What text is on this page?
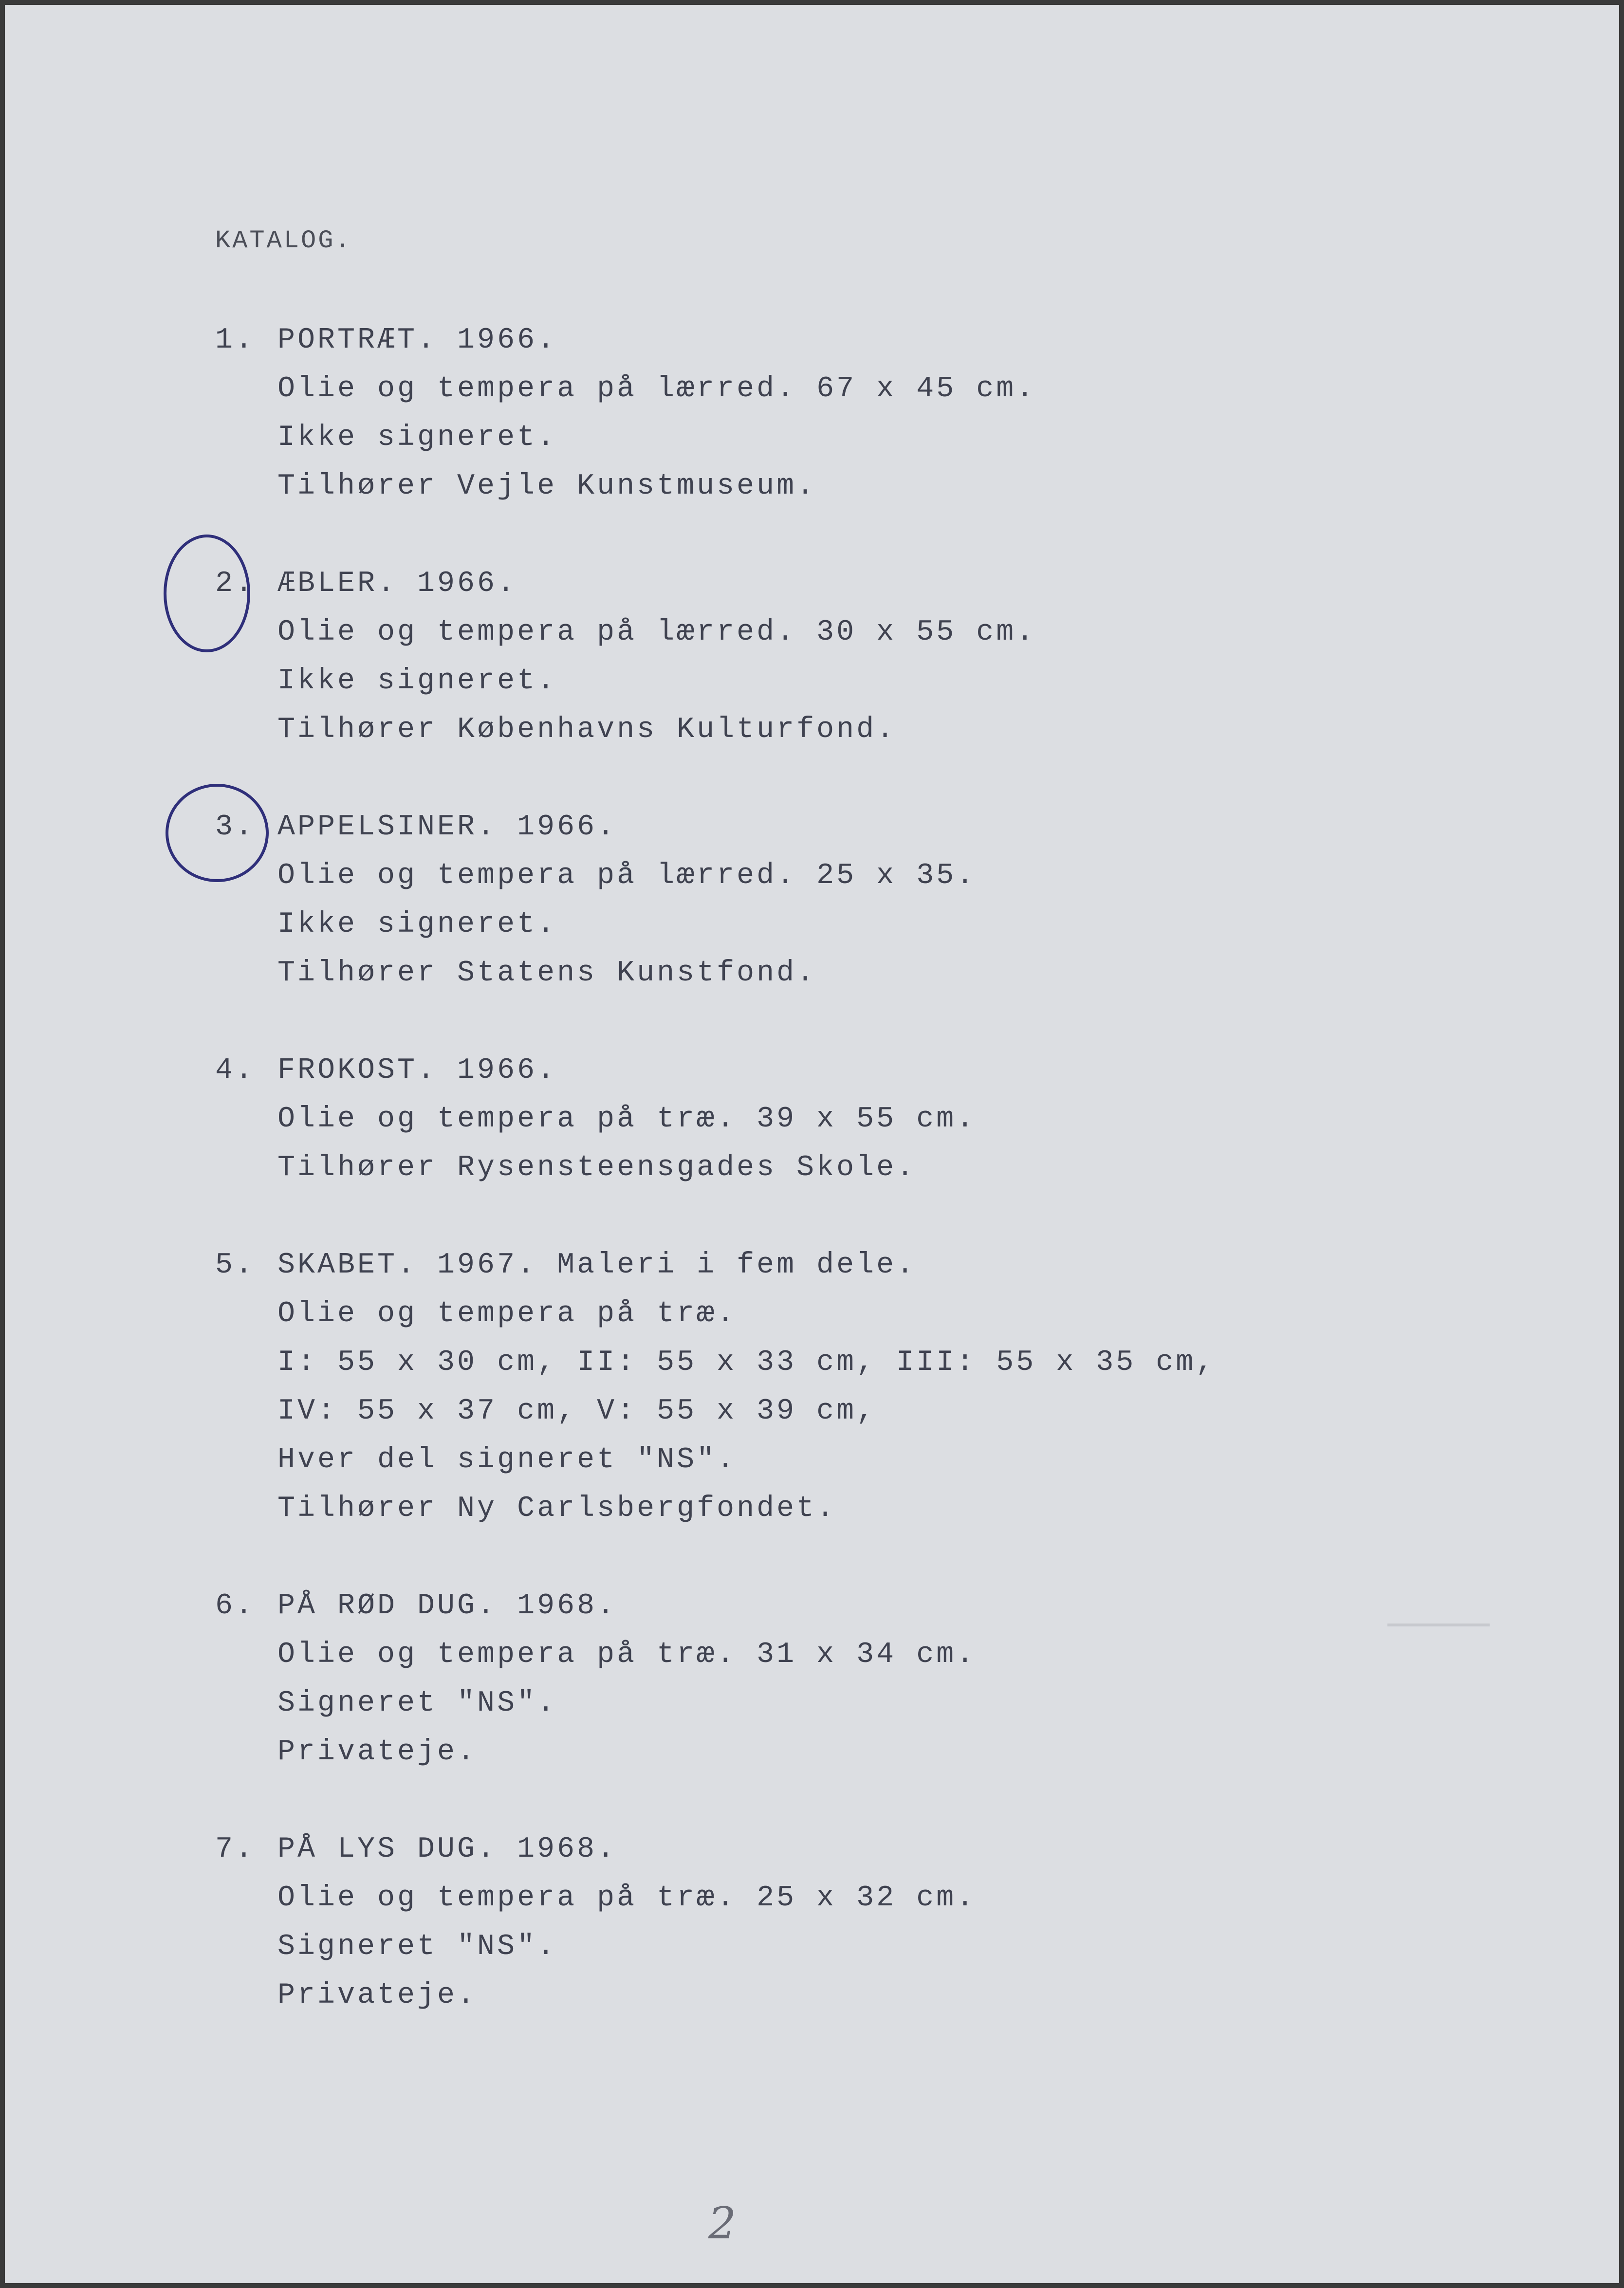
KATALOG.
1. PORTRÆT. 1966.
Olie og tempera på lærred. 67 x 45 cm.
Ikke signeret.
Tilhører Vejle Kunstmuseum.
2. ÆBLER. 1966.
Olie og tempera på lærred. 30 x 55 cm.
Ikke signeret.
Tilhører Københavns Kulturfond.
3. APPELSINER. 1966.
Olie og tempera på lærred. 25 x 35.
Ikke signeret.
Tilhører Statens Kunstfond.
4. FROKOST. 1966.
Olie og tempera på træ. 39 x 55 cm.
Tilhører Rysensteensgades Skole.
5. SKABET. 1967. Maleri i fem dele.
Olie og tempera på træ.
I: 55 x 30 cm, II: 55 x 33 cm, III: 55 x 35 cm,
IV: 55 x 37 cm, V: 55 x 39 cm,
Hver del signeret "NS".
Tilhører Ny Carlsbergfondet.
6. PÅ RØD DUG. 1968.
Olie og tempera på træ. 31 x 34 cm.
Signeret "NS".
Privateje.
7. PÅ LYS DUG. 1968.
Olie og tempera på træ. 25 x 32 cm.
Signeret "NS".
Privateje.
2
